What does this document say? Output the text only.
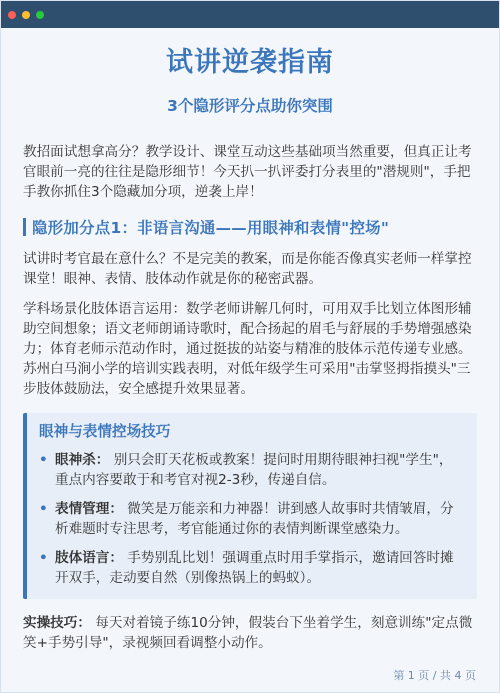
试讲逆袭指南
3个隐形评分点助你突围

教招面试想拿高分？教学设计、课堂互动这些基础项当然重要，但真正让考官眼前一亮的往往是隐形细节！今天扒一扒评委打分表里的"潜规则"，手把手教你抓住3个隐藏加分项，逆袭上岸！

隐形加分点1：非语言沟通——用眼神和表情"控场"

试讲时考官最在意什么？不是完美的教案，而是你能否像真实老师一样掌控课堂！眼神、表情、肢体动作就是你的秘密武器。

学科场景化肢体语言运用：数学老师讲解几何时，可用双手比划立体图形辅助空间想象；语文老师朗诵诗歌时，配合扬起的眉毛与舒展的手势增强感染力；体育老师示范动作时，通过挺拔的站姿与精准的肢体示范传递专业感。苏州白马涧小学的培训实践表明，对低年级学生可采用"击掌竖拇指摸头"三步肢体鼓励法，安全感提升效果显著。

眼神与表情控场技巧
• 眼神杀： 别只会盯天花板或教案！提问时用期待眼神扫视"学生"，重点内容要敢于和考官对视2-3秒，传递自信。
• 表情管理： 微笑是万能亲和力神器！讲到感人故事时共情皱眉，分析难题时专注思考，考官能通过你的表情判断课堂感染力。
• 肢体语言： 手势别乱比划！强调重点时用手掌指示，邀请回答时摊开双手，走动要自然（别像热锅上的蚂蚁）。

实操技巧： 每天对着镜子练10分钟，假装台下坐着学生，刻意训练"定点微笑+手势引导"，录视频回看调整小动作。

第 1 页 / 共 4 页
